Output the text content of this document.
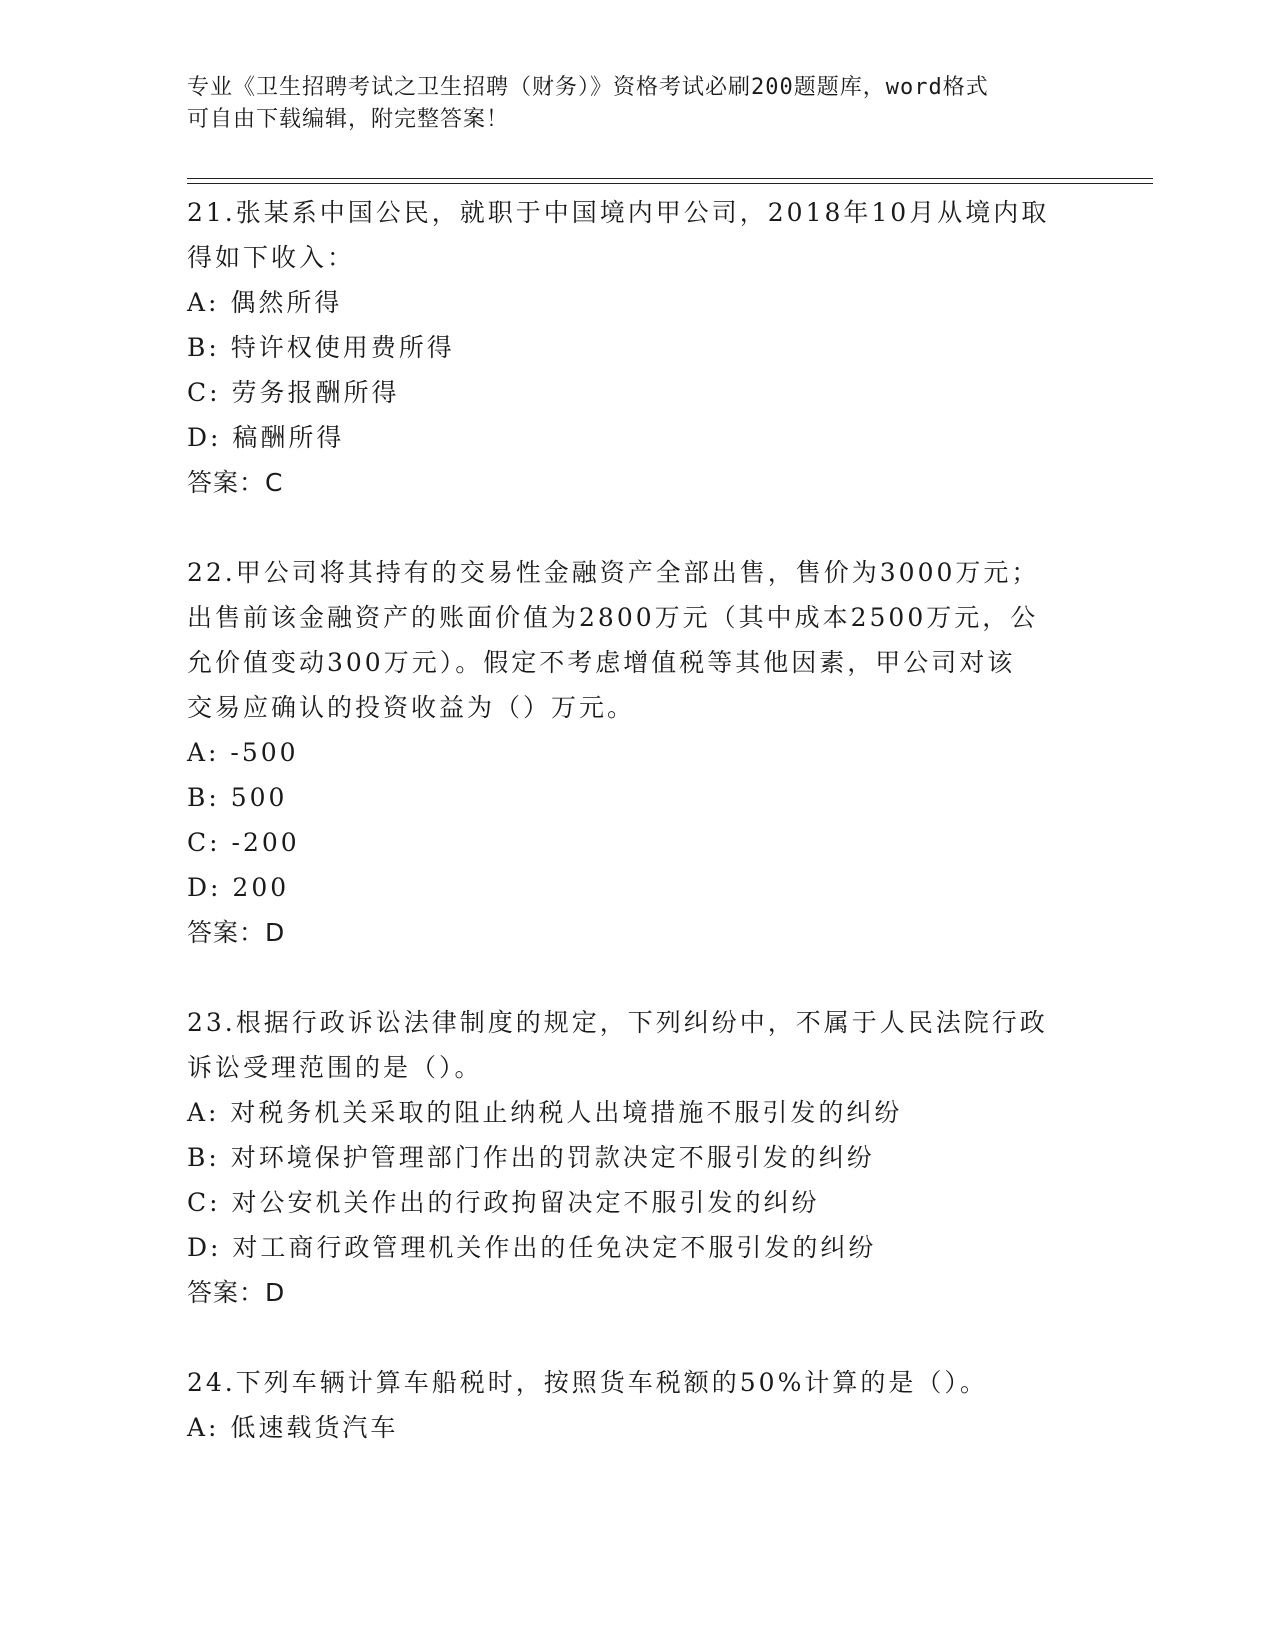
专业《卫生招聘考试之卫生招聘（财务）》资格考试必刷200题题库，word格式
可自由下载编辑，附完整答案！
21.张某系中国公民，就职于中国境内甲公司，2018年10月从境内取
得如下收入：
A: 偶然所得
B: 特许权使用费所得
C: 劳务报酬所得
D: 稿酬所得
答案：C
22.甲公司将其持有的交易性金融资产全部出售，售价为3000万元；
出售前该金融资产的账面价值为2800万元（其中成本2500万元，公
允价值变动300万元）。假定不考虑增值税等其他因素，甲公司对该
交易应确认的投资收益为（）万元。
A: -500
B: 500
C: -200
D: 200
答案：D
23.根据行政诉讼法律制度的规定，下列纠纷中，不属于人民法院行政
诉讼受理范围的是（）。
A: 对税务机关采取的阻止纳税人出境措施不服引发的纠纷
B: 对环境保护管理部门作出的罚款决定不服引发的纠纷
C: 对公安机关作出的行政拘留决定不服引发的纠纷
D: 对工商行政管理机关作出的任免决定不服引发的纠纷
答案：D
24.下列车辆计算车船税时，按照货车税额的50%计算的是（）。
A: 低速载货汽车
